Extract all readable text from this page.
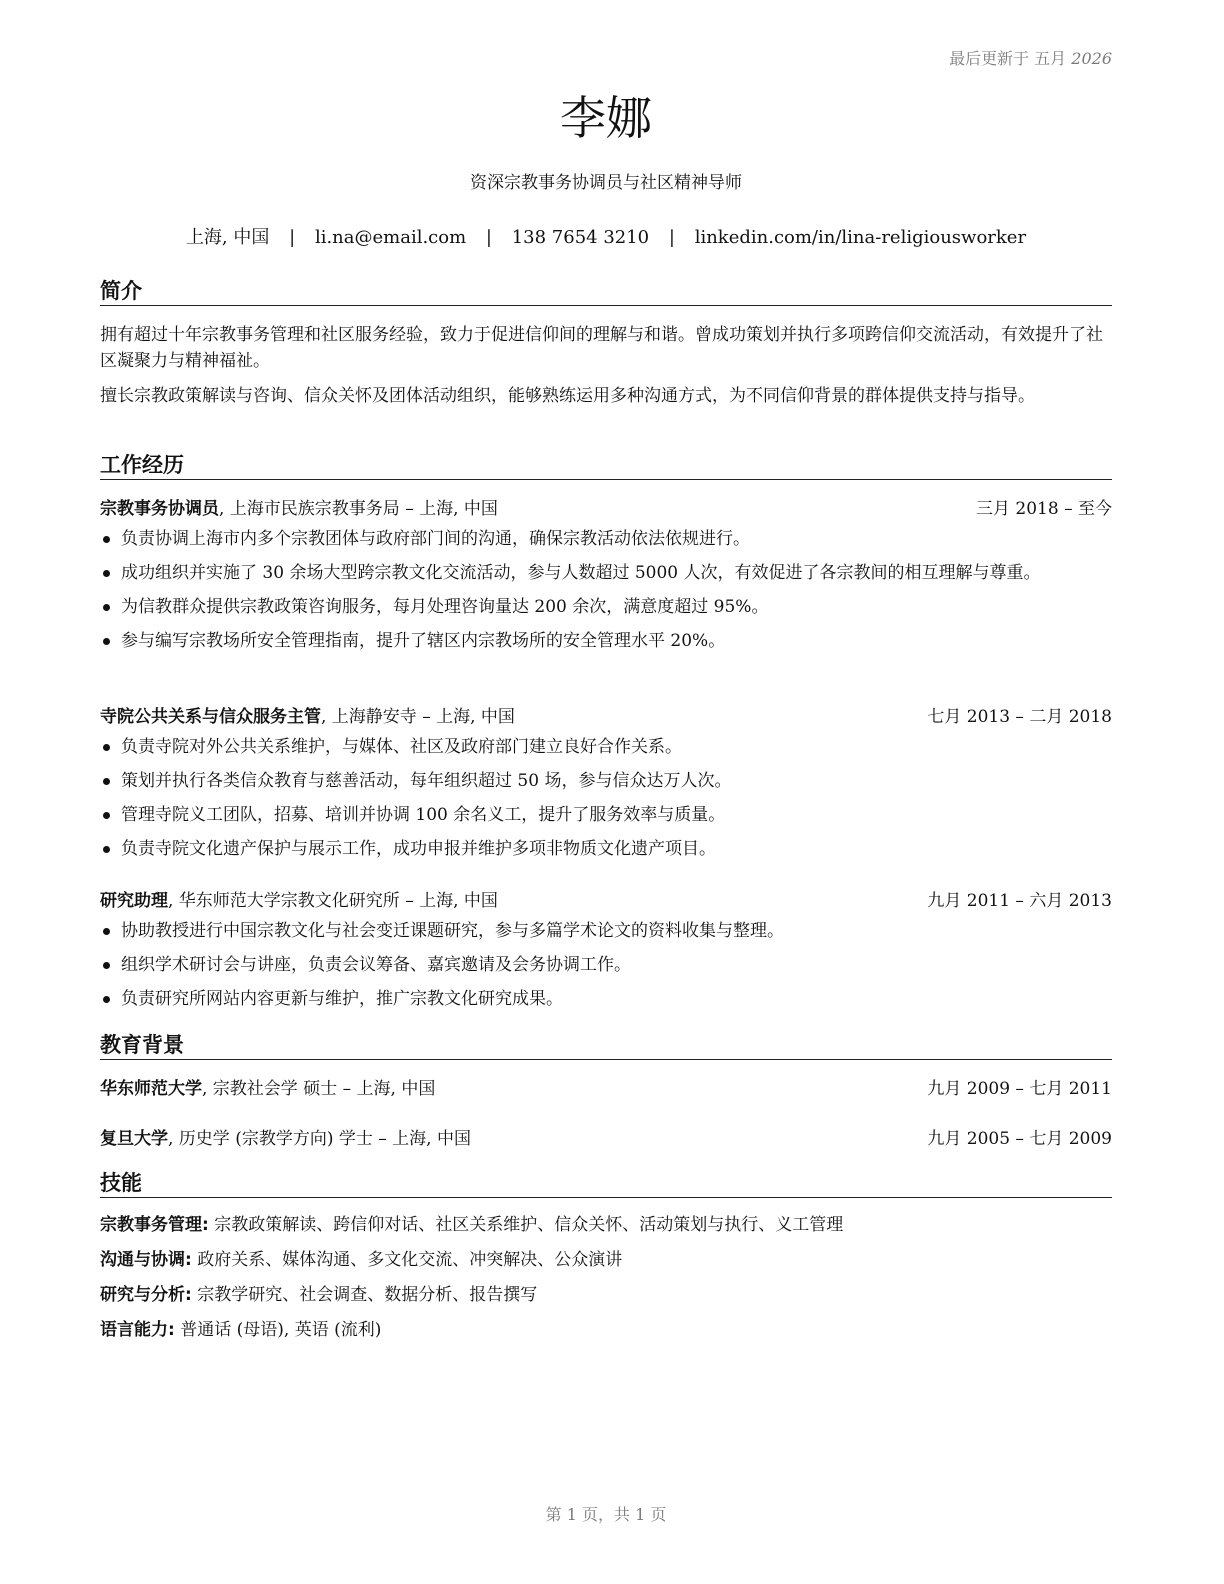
最后更新于 五月 2026
李娜
资深宗教事务协调员与社区精神导师
上海, 中国 | li.na@email.com | 138 7654 3210 | linkedin.com/in/lina-religiousworker
简介

拥有超过十年宗教事务管理和社区服务经验，致力于促进信仰间的理解与和谐。曾成功策划并执行多项跨信仰交流活动，有效提升了社区凝聚力与精神福祉。

擅长宗教政策解读与咨询、信众关怀及团体活动组织，能够熟练运用多种沟通方式，为不同信仰背景的群体提供支持与指导。

工作经历
宗教事务协调员, 上海市民族宗教事务局 – 上海, 中国	三月 2018 – 至今
负责协调上海市内多个宗教团体与政府部门间的沟通，确保宗教活动依法依规进行。
成功组织并实施了 30 余场大型跨宗教文化交流活动，参与人数超过 5000 人次，有效促进了各宗教间的相互理解与尊重。
为信教群众提供宗教政策咨询服务，每月处理咨询量达 200 余次，满意度超过 95%。
参与编写宗教场所安全管理指南，提升了辖区内宗教场所的安全管理水平 20%。
寺院公共关系与信众服务主管, 上海静安寺 – 上海, 中国	七月 2013 – 二月 2018
负责寺院对外公共关系维护，与媒体、社区及政府部门建立良好合作关系。
策划并执行各类信众教育与慈善活动，每年组织超过 50 场，参与信众达万人次。
管理寺院义工团队，招募、培训并协调 100 余名义工，提升了服务效率与质量。
负责寺院文化遗产保护与展示工作，成功申报并维护多项非物质文化遗产项目。
研究助理, 华东师范大学宗教文化研究所 – 上海, 中国	九月 2011 – 六月 2013
协助教授进行中国宗教文化与社会变迁课题研究，参与多篇学术论文的资料收集与整理。
组织学术研讨会与讲座，负责会议筹备、嘉宾邀请及会务协调工作。
负责研究所网站内容更新与维护，推广宗教文化研究成果。
教育背景
华东师范大学, 宗教社会学 硕士 – 上海, 中国	九月 2009 – 七月 2011
复旦大学, 历史学 (宗教学方向) 学士 – 上海, 中国	九月 2005 – 七月 2009
技能
宗教事务管理: 宗教政策解读、跨信仰对话、社区关系维护、信众关怀、活动策划与执行、义工管理
沟通与协调: 政府关系、媒体沟通、多文化交流、冲突解决、公众演讲
研究与分析: 宗教学研究、社会调查、数据分析、报告撰写
语言能力: 普通话 (母语), 英语 (流利)
第 1 页，共 1 页
